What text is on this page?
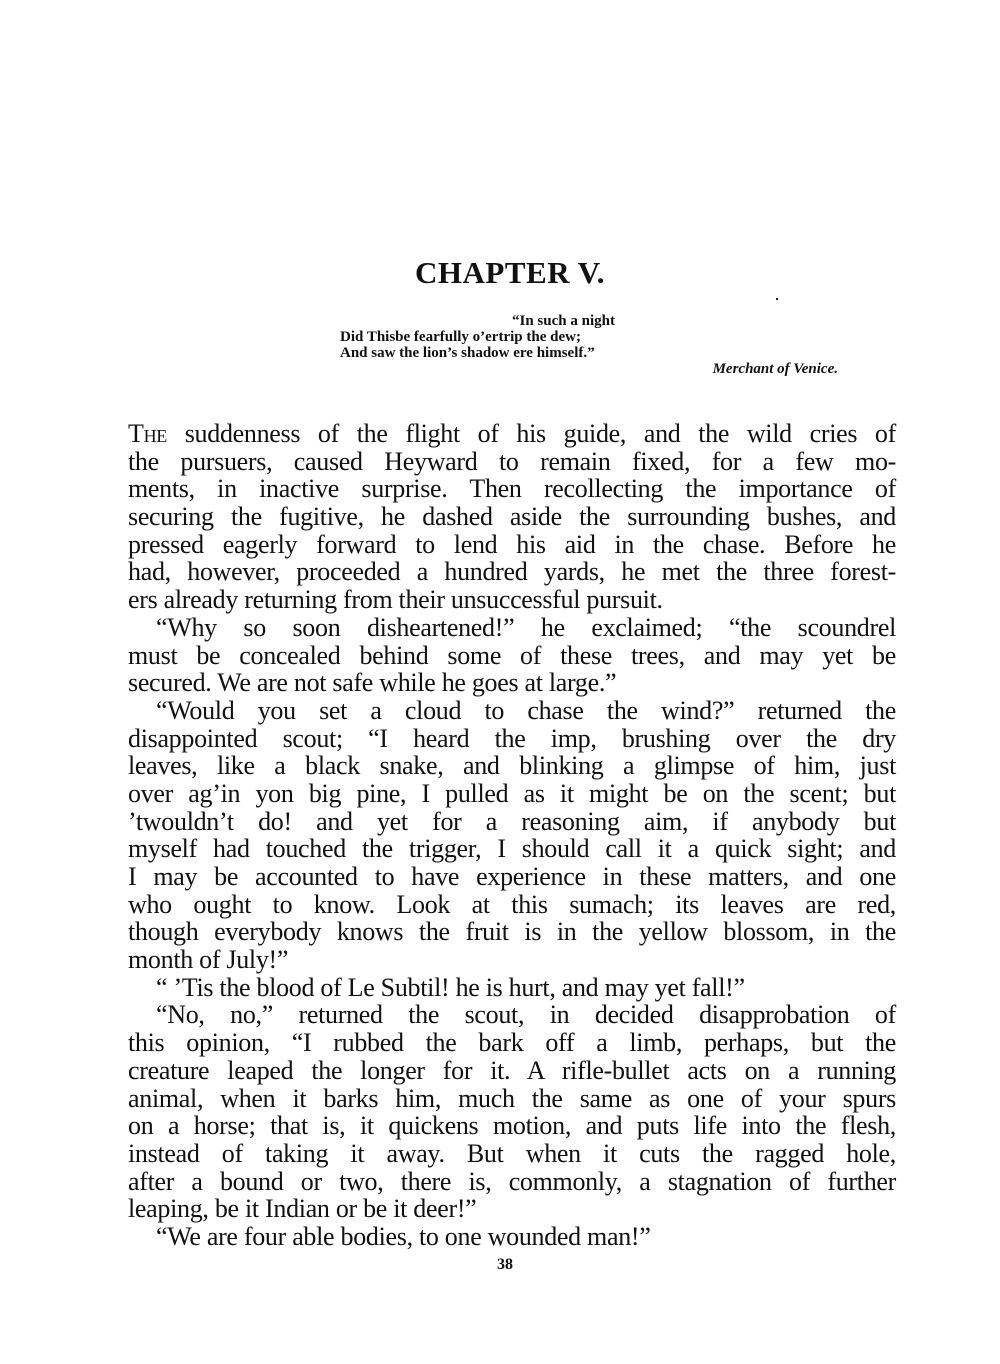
CHAPTER V.
“In such a night
Did Thisbe fearfully o’ertrip the dew;
And saw the lion’s shadow ere himself.”
Merchant of Venice.
The suddenness of the flight of his guide, and the wild cries of
the pursuers, caused Heyward to remain fixed, for a few mo-
ments, in inactive surprise. Then recollecting the importance of
securing the fugitive, he dashed aside the surrounding bushes, and
pressed eagerly forward to lend his aid in the chase. Before he
had, however, proceeded a hundred yards, he met the three forest-
ers already returning from their unsuccessful pursuit.
“Why so soon disheartened!” he exclaimed; “the scoundrel
must be concealed behind some of these trees, and may yet be
secured. We are not safe while he goes at large.”
“Would you set a cloud to chase the wind?” returned the
disappointed scout; “I heard the imp, brushing over the dry
leaves, like a black snake, and blinking a glimpse of him, just
over ag’in yon big pine, I pulled as it might be on the scent; but
’twouldn’t do! and yet for a reasoning aim, if anybody but
myself had touched the trigger, I should call it a quick sight; and
I may be accounted to have experience in these matters, and one
who ought to know. Look at this sumach; its leaves are red,
though everybody knows the fruit is in the yellow blossom, in the
month of July!”
“ ’Tis the blood of Le Subtil! he is hurt, and may yet fall!”
“No, no,” returned the scout, in decided disapprobation of
this opinion, “I rubbed the bark off a limb, perhaps, but the
creature leaped the longer for it. A rifle-bullet acts on a running
animal, when it barks him, much the same as one of your spurs
on a horse; that is, it quickens motion, and puts life into the flesh,
instead of taking it away. But when it cuts the ragged hole,
after a bound or two, there is, commonly, a stagnation of further
leaping, be it Indian or be it deer!”
“We are four able bodies, to one wounded man!”
38
